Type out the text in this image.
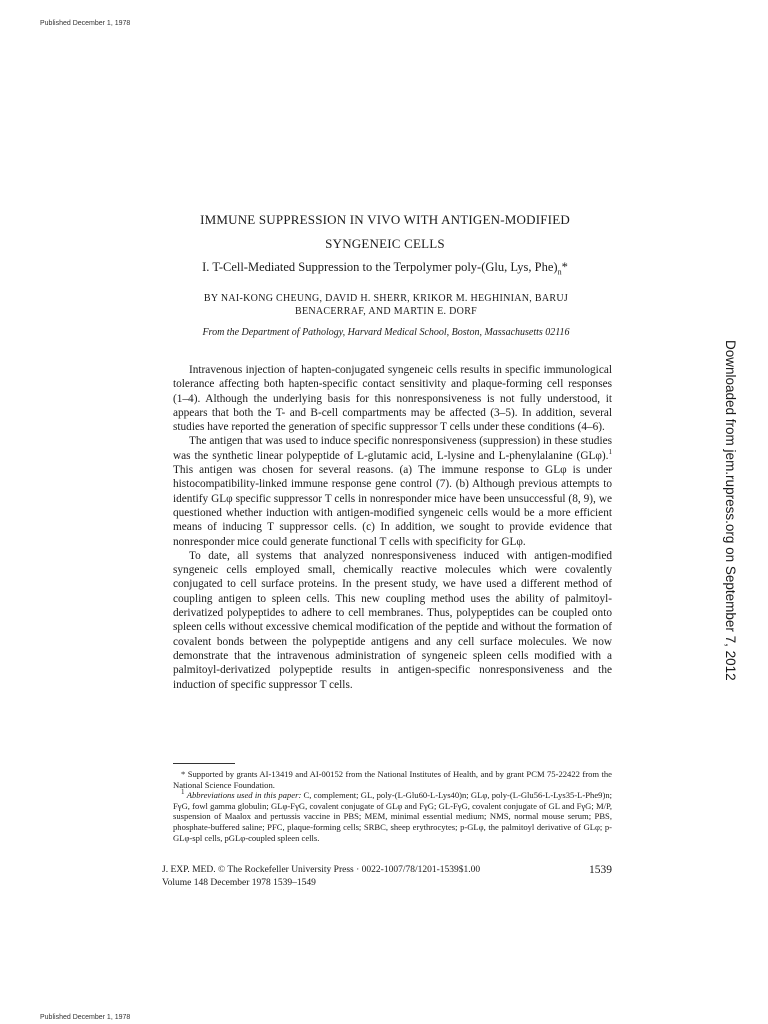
Published December 1, 1978
IMMUNE SUPPRESSION IN VIVO WITH ANTIGEN-MODIFIED
SYNGENEIC CELLS
I. T-Cell-Mediated Suppression to the Terpolymer poly-(Glu, Lys, $Phe)_n*$
BY NAI-KONG CHEUNG, DAVID H. SHERR, KRIKOR M. HEGHINIAN, BARUJ
BENACERRAF, AND MARTIN E. DORF
From the Department of Pathology, Harvard Medical School, Boston, Massachusetts 02116

Intravenous injection of hapten-conjugated syngeneic cells results in specific immunological tolerance affecting both hapten-specific contact sensitivity and plaque-forming cell responses (1–4). Although the underlying basis for this nonresponsiveness is not fully understood, it appears that both the T- and B-cell compartments may be affected (3–5). In addition, several studies have reported the generation of specific suppressor T cells under these conditions (4–6).

The antigen that was used to induce specific nonresponsiveness (suppression) in these studies was the synthetic linear polypeptide of L-glutamic acid, L-lysine and L-phenylalanine (GLφ).$^1$ This antigen was chosen for several reasons. (a) The immune response to GLφ is under histocompatibility-linked immune response gene control (7). (b) Although previous attempts to identify GLφ specific suppressor T cells in nonresponder mice have been unsuccessful (8, 9), we questioned whether induction with antigen-modified syngeneic cells would be a more efficient means of inducing T suppressor cells. (c) In addition, we sought to provide evidence that nonresponder mice could generate functional T cells with specificity for GLφ.

To date, all systems that analyzed nonresponsiveness induced with antigen-modified syngeneic cells employed small, chemically reactive molecules which were covalently conjugated to cell surface proteins. In the present study, we have used a different method of coupling antigen to spleen cells. This new coupling method uses the ability of palmitoyl-derivatized polypeptides to adhere to cell membranes. Thus, polypeptides can be coupled onto spleen cells without excessive chemical modification of the peptide and without the formation of covalent bonds between the polypeptide antigens and any cell surface molecules. We now demonstrate that the intravenous administration of syngeneic spleen cells modified with a palmitoyl-derivatized polypeptide results in antigen-specific nonresponsiveness and the induction of specific suppressor T cells.

* Supported by grants AI-13419 and AI-00152 from the National Institutes of Health, and by grant PCM 75-22422 from the National Science Foundation.

$^1$ Abbreviations used in this paper: C, complement; GL, poly-(L-Glu60-L-Lys40)n; GLφ, poly-(L-Glu56-L-Lys35-L-Phe9)n; FγG, fowl gamma globulin; GLφ-FγG, covalent conjugate of GLφ and FγG; GL-FγG, covalent conjugate of GL and FγG; M/P, suspension of Maalox and pertussis vaccine in PBS; MEM, minimal essential medium; NMS, normal mouse serum; PBS, phosphate-buffered saline; PFC, plaque-forming cells; SRBC, sheep erythrocytes; p-GLφ, the palmitoyl derivative of GLφ; p-GLφ-spl cells, pGLφ-coupled spleen cells.

J. EXP. MED. © The Rockefeller University Press · 0022-1007/78/1201-1539$1.00	1539
Volume 148 December 1978 1539–1549
Downloaded from jem.rupress.org on September 7, 2012
Published December 1, 1978
